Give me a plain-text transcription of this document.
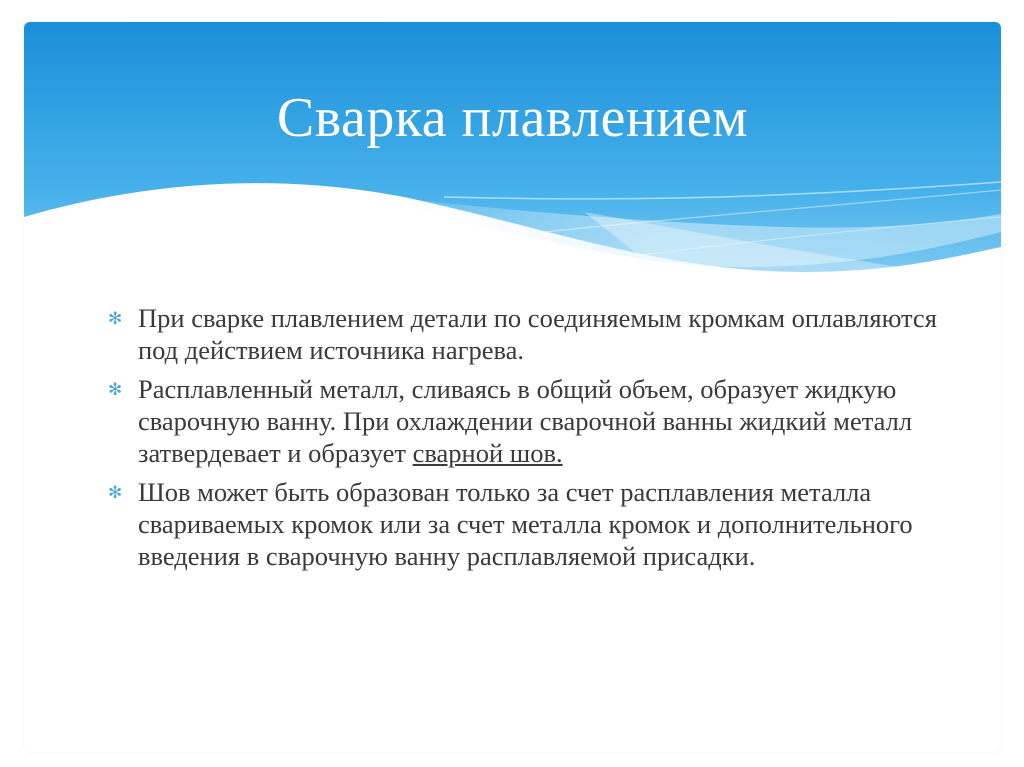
Сварка плавлением
✻ При сварке плавлением детали по соединяемым кромкам оплавляются под действием источника нагрева.
✻ Расплавленный металл, сливаясь в общий объем, образует жидкую сварочную ванну. При охлаждении сварочной ванны жидкий металл затвердевает и образует сварной шов.
✻ Шов может быть образован только за счет расплавления металла свариваемых кромок или за счет металла кромок и дополнительного введения в сварочную ванну расплавляемой присадки.
